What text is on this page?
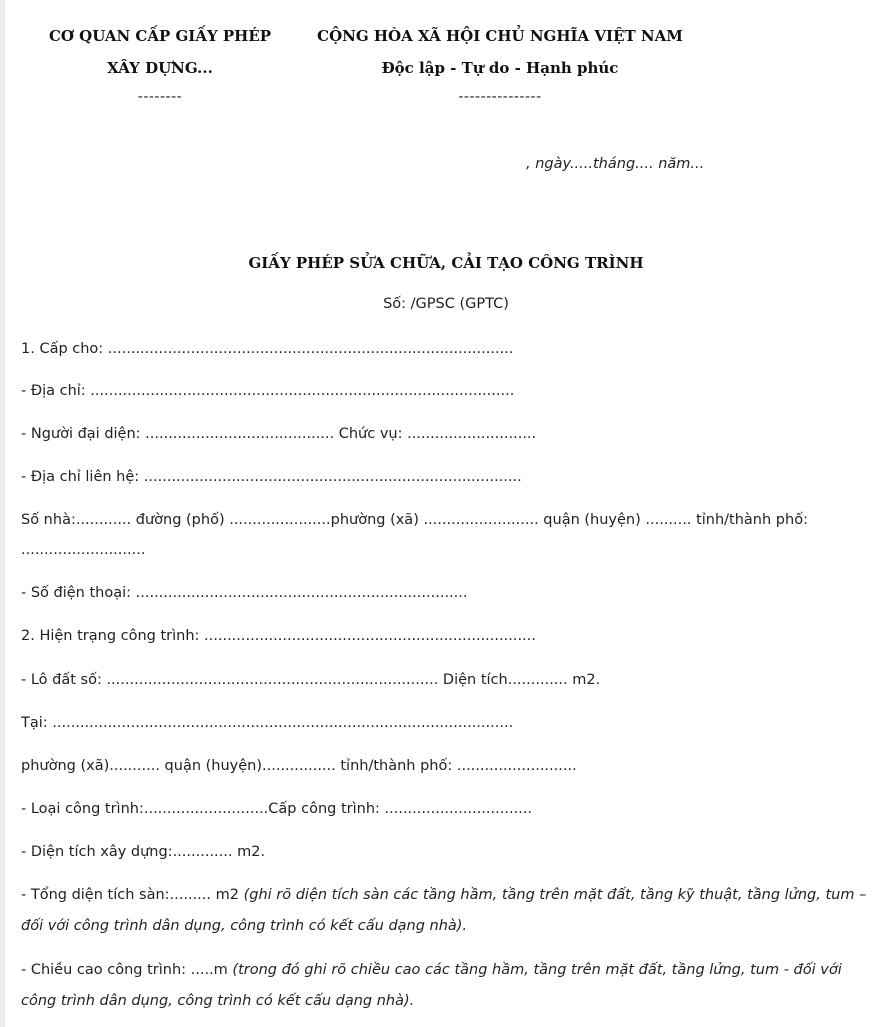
CƠ QUAN CẤP GIẤY PHÉP
XÂY DỰNG...
--------
CỘNG HÒA XÃ HỘI CHỦ NGHĨA VIỆT NAM
Độc lập - Tự do - Hạnh phúc
---------------
, ngày.....tháng.... năm...
GIẤY PHÉP SỬA CHỮA, CẢI TẠO CÔNG TRÌNH
Số: /GPSC (GPTC)
1. Cấp cho: ........................................................................................
- Địa chỉ: ............................................................................................
- Người đại diện: ......................................... Chức vụ: ............................
- Địa chỉ liên hệ: ..................................................................................
Số nhà:............ đường (phố) ......................phường (xã) ......................... quận (huyện) .......... tỉnh/thành phố:
...........................
- Số điện thoại: ........................................................................
2. Hiện trạng công trình: ........................................................................
- Lô đất số: ........................................................................ Diện tích............. m2.
Tại: ....................................................................................................
phường (xã)........... quận (huyện)................ tỉnh/thành phố: ..........................
- Loại công trình:...........................Cấp công trình: ................................
- Diện tích xây dựng:............. m2.
- Tổng diện tích sàn:......... m2 (ghi rõ diện tích sàn các tầng hầm, tầng trên mặt đất, tầng kỹ thuật, tầng lửng, tum – đối với công trình dân dụng, công trình có kết cấu dạng nhà).
- Chiều cao công trình: .....m (trong đó ghi rõ chiều cao các tầng hầm, tầng trên mặt đất, tầng lửng, tum - đối với công trình dân dụng, công trình có kết cấu dạng nhà).
